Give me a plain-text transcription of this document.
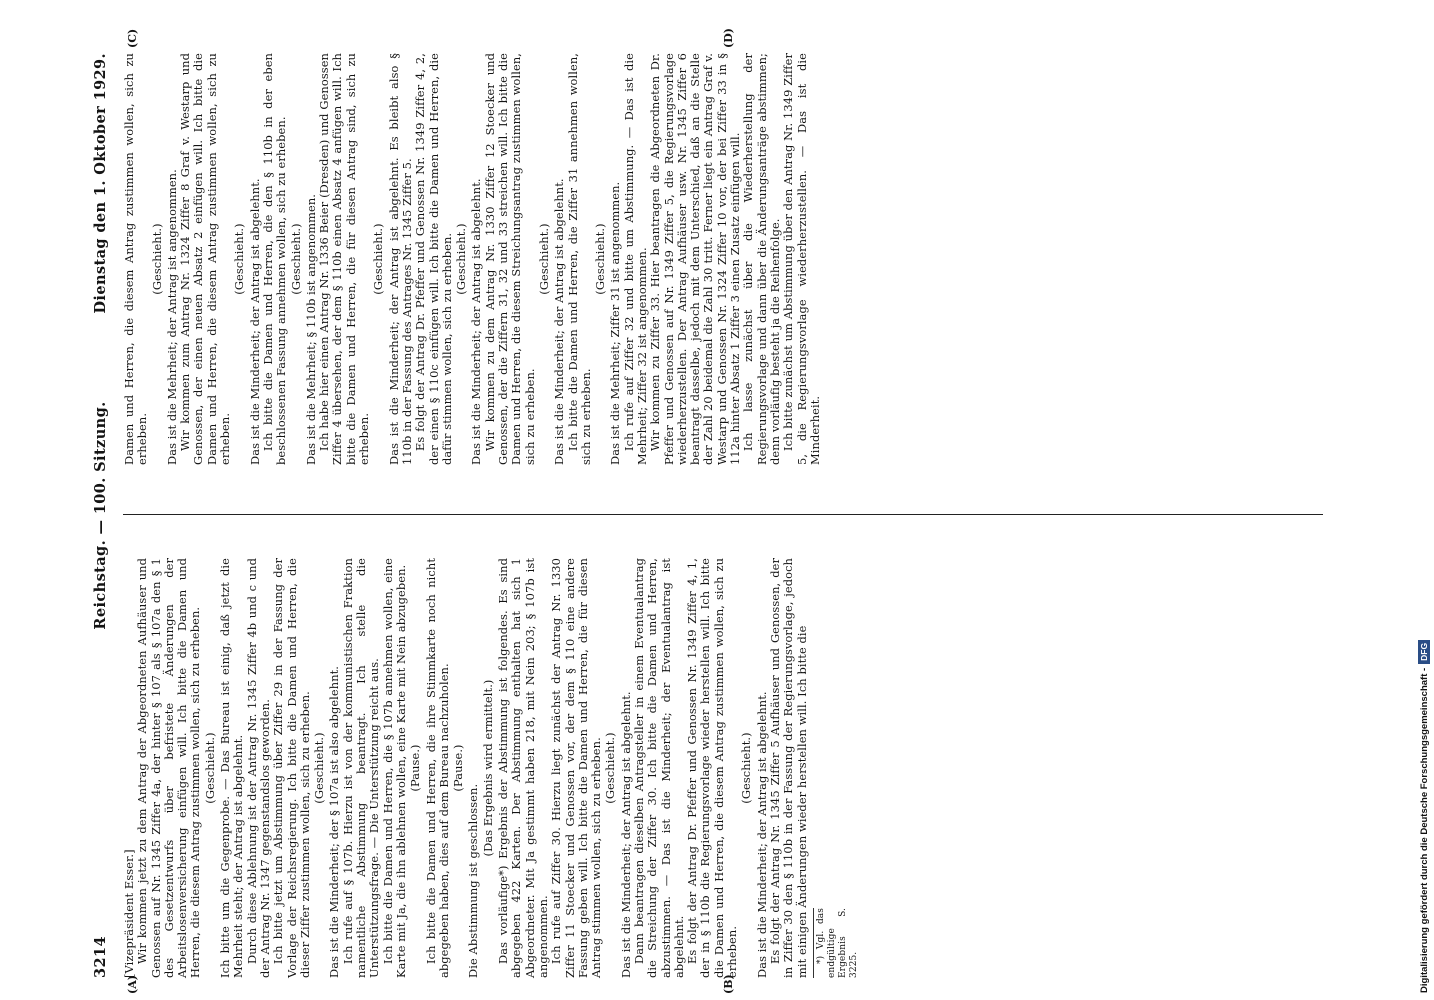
3214
Reichstag. — 100. Sitzung.
Dienstag den 1. Oktober 1929.
(A)	(B)
(C)	(D)

[Vizepräsident Esser.] Wir kommen jetzt zu dem Antrag der Abgeordneten Aufhäuser und Genossen auf Nr. 1345 Ziffer 4a, der hinter § 107 als § 107a den § 1 des Gesetzentwurfs über befristete Änderungen der Arbeitslosenversicherung einfügen will. Ich bitte die Damen und Herren, die diesem Antrag zustimmen wollen, sich zu erheben. (Geschieht.) Ich bitte um die Gegenprobe. — Das Bureau ist einig, daß jetzt die Mehrheit steht; der Antrag ist abgelehnt. Durch diese Ablehnung ist der Antrag Nr. 1345 Ziffer 4b und c und der Antrag Nr. 1347 gegenstandslos geworden. Ich bitte jetzt um Abstimmung über Ziffer 29 in der Fassung der Vorlage der Reichsregierung. Ich bitte die Damen und Herren, die dieser Ziffer zustimmen wollen, sich zu erheben. (Geschieht.) Das ist die Minderheit; der § 107a ist also abgelehnt. Ich rufe auf § 107b. Hierzu ist von der kommunistischen Fraktion namentliche Abstimmung beantragt. Ich stelle die Unterstützungsfrage. — Die Unterstützung reicht aus. Ich bitte die Damen und Herren, die § 107b annehmen wollen, eine Karte mit Ja, die ihn ablehnen wollen, eine Karte mit Nein abzugeben. (Pause.) Ich bitte die Damen und Herren, die ihre Stimmkarte noch nicht abgegeben haben, dies auf dem Bureau nachzuholen. (Pause.)

Die Abstimmung ist geschlossen.

(Das Ergebnis wird ermittelt.) Das vorläufige*) Ergebnis der Abstimmung ist folgendes. Es sind abgegeben 422 Karten. Der Abstimmung enthalten hat sich 1 Abgeordneter. Mit Ja gestimmt haben 218, mit Nein 203; § 107b ist angenommen. Ich rufe auf Ziffer 30. Hierzu liegt zunächst der Antrag Nr. 1330 Ziffer 11 Stoecker und Genossen vor, der dem § 110 eine andere Fassung geben will. Ich bitte die Damen und Herren, die für diesen Antrag stimmen wollen, sich zu erheben. (Geschieht.) Das ist die Minderheit; der Antrag ist abgelehnt. Dann beantragen dieselben Antragsteller in einem Eventualantrag die Streichung der Ziffer 30. Ich bitte die Damen und Herren, abzustimmen. — Das ist die Minderheit; der Eventualantrag ist abgelehnt. Es folgt der Antrag Dr. Pfeffer und Genossen Nr. 1349 Ziffer 4, 1, der in § 110b die Regierungsvorlage wieder herstellen will. Ich bitte die Damen und Herren, die diesem Antrag zustimmen wollen, sich zu erheben.

(Geschieht.) Das ist die Minderheit; der Antrag ist abgelehnt. Es folgt der Antrag Nr. 1345 Ziffer 5 Aufhäuser und Genossen, der in Ziffer 30 den § 110b in der Fassung der Regierungsvorlage, jedoch mit einigen Änderungen wieder herstellen will. Ich bitte die *) Vgl. das endgültige Ergebnis S. 3225.

Damen und Herren, die diesem Antrag zustimmen wollen, sich zu erheben.

(Geschieht.) Das ist die Mehrheit; der Antrag ist angenommen. Wir kommen zum Antrag Nr. 1324 Ziffer 8 Graf v. Westarp und Genossen, der einen neuen Absatz 2 einfügen will. Ich bitte die Damen und Herren, die diesem Antrag zustimmen wollen, sich zu erheben.

(Geschieht.) Das ist die Minderheit; der Antrag ist abgelehnt. Ich bitte die Damen und Herren, die den § 110b in der eben beschlossenen Fassung annehmen wollen, sich zu erheben. (Geschieht.) Das ist die Mehrheit; § 110b ist angenommen. Ich habe hier einen Antrag Nr. 1336 Beier (Dresden) und Genossen Ziffer 4 übersehen, der dem § 110b einen Absatz 4 anfügen will. Ich bitte die Damen und Herren, die für diesen Antrag sind, sich zu erheben.

(Geschieht.) Das ist die Minderheit; der Antrag ist abgelehnt. Es bleibt also § 110b in der Fassung des Antrages Nr. 1345 Ziffer 5. Es folgt der Antrag Dr. Pfeffer und Genossen Nr. 1349 Ziffer 4, 2, der einen § 110c einfügen will. Ich bitte die Damen und Herren, die dafür stimmen wollen, sich zu erheben. (Geschieht.) Das ist die Minderheit; der Antrag ist abgelehnt. Wir kommen zu dem Antrag Nr. 1330 Ziffer 12 Stoecker und Genossen, der die Ziffern 31, 32 und 33 streichen will. Ich bitte die Damen und Herren, die diesem Streichungsantrag zustimmen wollen, sich zu erheben.

(Geschieht.) Das ist die Minderheit; der Antrag ist abgelehnt. Ich bitte die Damen und Herren, die Ziffer 31 annehmen wollen, sich zu erheben.

(Geschieht.) Das ist die Mehrheit; Ziffer 31 ist angenommen. Ich rufe auf Ziffer 32 und bitte um Abstimmung. — Das ist die Mehrheit; Ziffer 32 ist angenommen. Wir kommen zu Ziffer 33. Hier beantragen die Abgeordneten Dr. Pfeffer und Genossen auf Nr. 1349 Ziffer 5, die Regierungsvorlage wiederherzustellen. Der Antrag Aufhäuser usw. Nr. 1345 Ziffer 6 beantragt dasselbe, jedoch mit dem Unterschied, daß an die Stelle der Zahl 20 beidemal die Zahl 30 tritt. Ferner liegt ein Antrag Graf v. Westarp und Genossen Nr. 1324 Ziffer 10 vor, der bei Ziffer 33 in § 112a hinter Absatz 1 Ziffer 3 einen Zusatz einfügen will. Ich lasse zunächst über die Wiederherstellung der Regierungsvorlage und dann über die Änderungsanträge abstimmen; denn vorläufig besteht ja die Reihenfolge. Ich bitte zunächst um Abstimmung über den Antrag Nr. 1349 Ziffer 5, die Regierungsvorlage wiederherzustellen. — Das ist die Minderheit.

Digitalisierung gefördert durch die Deutsche Forschungsgemeinschaft -DFG
